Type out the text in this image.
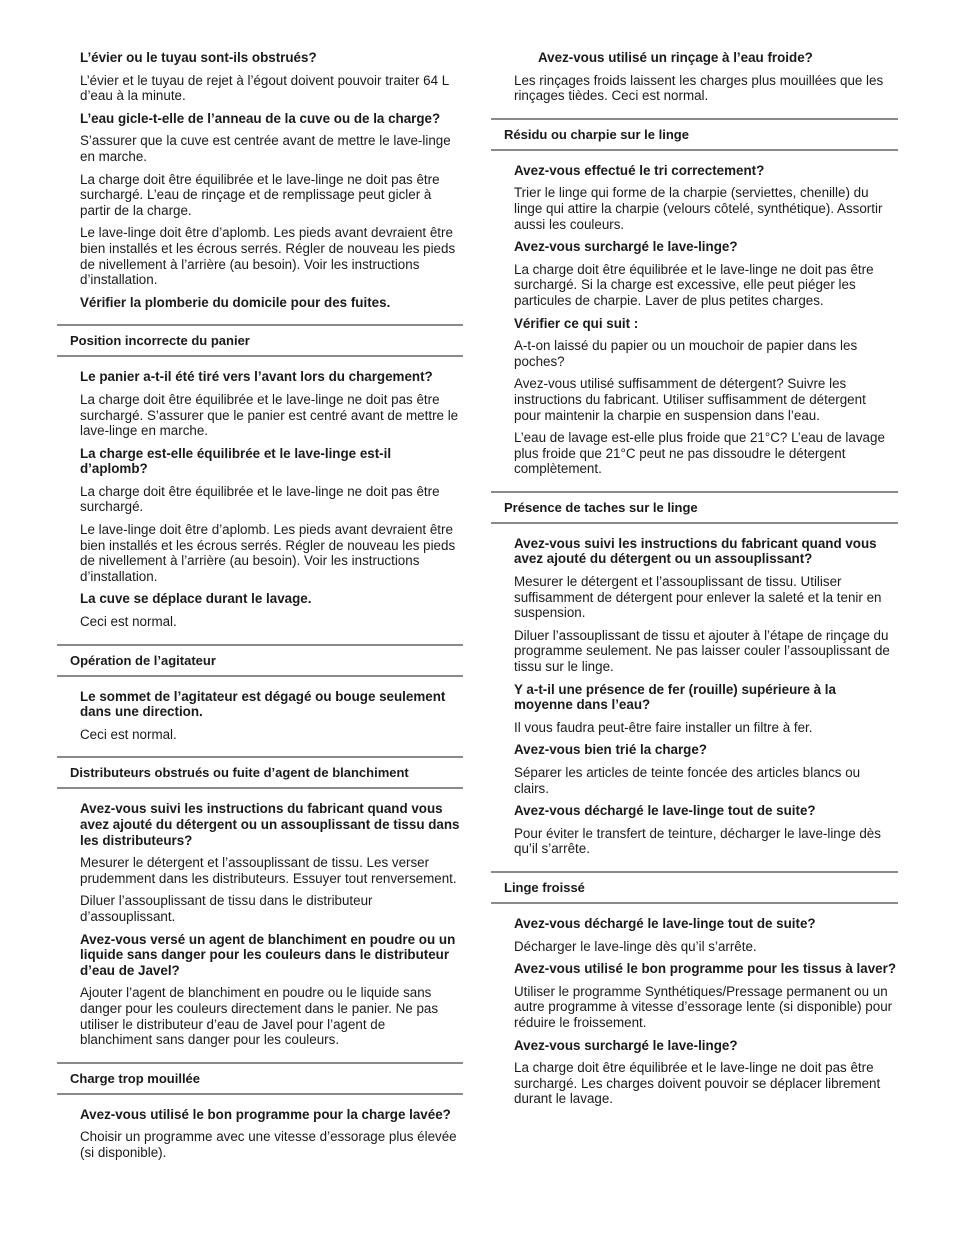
L’évier ou le tuyau sont-ils obstrués?
L’évier et le tuyau de rejet à l’égout doivent pouvoir traiter 64 L d’eau à la minute.
L’eau gicle-t-elle de l’anneau de la cuve ou de la charge?
S’assurer que la cuve est centrée avant de mettre le lave-linge en marche.
La charge doit être équilibrée et le lave-linge ne doit pas être surchargé. L’eau de rinçage et de remplissage peut gicler à partir de la charge.
Le lave-linge doit être d’aplomb. Les pieds avant devraient être bien installés et les écrous serrés. Régler de nouveau les pieds de nivellement à l’arrière (au besoin). Voir les instructions d’installation.
Vérifier la plomberie du domicile pour des fuites.
Position incorrecte du panier
Le panier a-t-il été tiré vers l’avant lors du chargement?
La charge doit être équilibrée et le lave-linge ne doit pas être surchargé. S’assurer que le panier est centré avant de mettre le lave-linge en marche.
La charge est-elle équilibrée et le lave-linge est-il d’aplomb?
La charge doit être équilibrée et le lave-linge ne doit pas être surchargé.
Le lave-linge doit être d’aplomb. Les pieds avant devraient être bien installés et les écrous serrés. Régler de nouveau les pieds de nivellement à l’arrière (au besoin). Voir les instructions d’installation.
La cuve se déplace durant le lavage.
Ceci est normal.
Opération de l’agitateur
Le sommet de l’agitateur est dégagé ou bouge seulement dans une direction.
Ceci est normal.
Distributeurs obstrués ou fuite d’agent de blanchiment
Avez-vous suivi les instructions du fabricant quand vous avez ajouté du détergent ou un assouplissant de tissu dans les distributeurs?
Mesurer le détergent et l’assouplissant de tissu. Les verser prudemment dans les distributeurs. Essuyer tout renversement.
Diluer l’assouplissant de tissu dans le distributeur d’assouplissant.
Avez-vous versé un agent de blanchiment en poudre ou un liquide sans danger pour les couleurs dans le distributeur d’eau de Javel?
Ajouter l’agent de blanchiment en poudre ou le liquide sans danger pour les couleurs directement dans le panier. Ne pas utiliser le distributeur d’eau de Javel pour l’agent de blanchiment sans danger pour les couleurs.
Charge trop mouillée
Avez-vous utilisé le bon programme pour la charge lavée?
Choisir un programme avec une vitesse d’essorage plus élevée (si disponible).
Avez-vous utilisé un rinçage à l’eau froide?
Les rinçages froids laissent les charges plus mouillées que les rinçages tièdes. Ceci est normal.
Résidu ou charpie sur le linge
Avez-vous effectué le tri correctement?
Trier le linge qui forme de la charpie (serviettes, chenille) du linge qui attire la charpie (velours côtelé, synthétique). Assortir aussi les couleurs.
Avez-vous surchargé le lave-linge?
La charge doit être équilibrée et le lave-linge ne doit pas être surchargé. Si la charge est excessive, elle peut piéger les particules de charpie. Laver de plus petites charges.
Vérifier ce qui suit :
A-t-on laissé du papier ou un mouchoir de papier dans les poches?
Avez-vous utilisé suffisamment de détergent? Suivre les instructions du fabricant. Utiliser suffisamment de détergent pour maintenir la charpie en suspension dans l’eau.
L’eau de lavage est-elle plus froide que 21°C? L’eau de lavage plus froide que 21°C peut ne pas dissoudre le détergent complètement.
Présence de taches sur le linge
Avez-vous suivi les instructions du fabricant quand vous avez ajouté du détergent ou un assouplissant?
Mesurer le détergent et l’assouplissant de tissu. Utiliser suffisamment de détergent pour enlever la saleté et la tenir en suspension.
Diluer l’assouplissant de tissu et ajouter à l’étape de rinçage du programme seulement. Ne pas laisser couler l’assouplissant de tissu sur le linge.
Y a-t-il une présence de fer (rouille) supérieure à la moyenne dans l’eau?
Il vous faudra peut-être faire installer un filtre à fer.
Avez-vous bien trié la charge?
Séparer les articles de teinte foncée des articles blancs ou clairs.
Avez-vous déchargé le lave-linge tout de suite?
Pour éviter le transfert de teinture, décharger le lave-linge dès qu’il s’arrête.
Linge froissé
Avez-vous déchargé le lave-linge tout de suite?
Décharger le lave-linge dès qu’il s’arrête.
Avez-vous utilisé le bon programme pour les tissus à laver?
Utiliser le programme Synthétiques/Pressage permanent ou un autre programme à vitesse d’essorage lente (si disponible) pour réduire le froissement.
Avez-vous surchargé le lave-linge?
La charge doit être équilibrée et le lave-linge ne doit pas être surchargé. Les charges doivent pouvoir se déplacer librement durant le lavage.
